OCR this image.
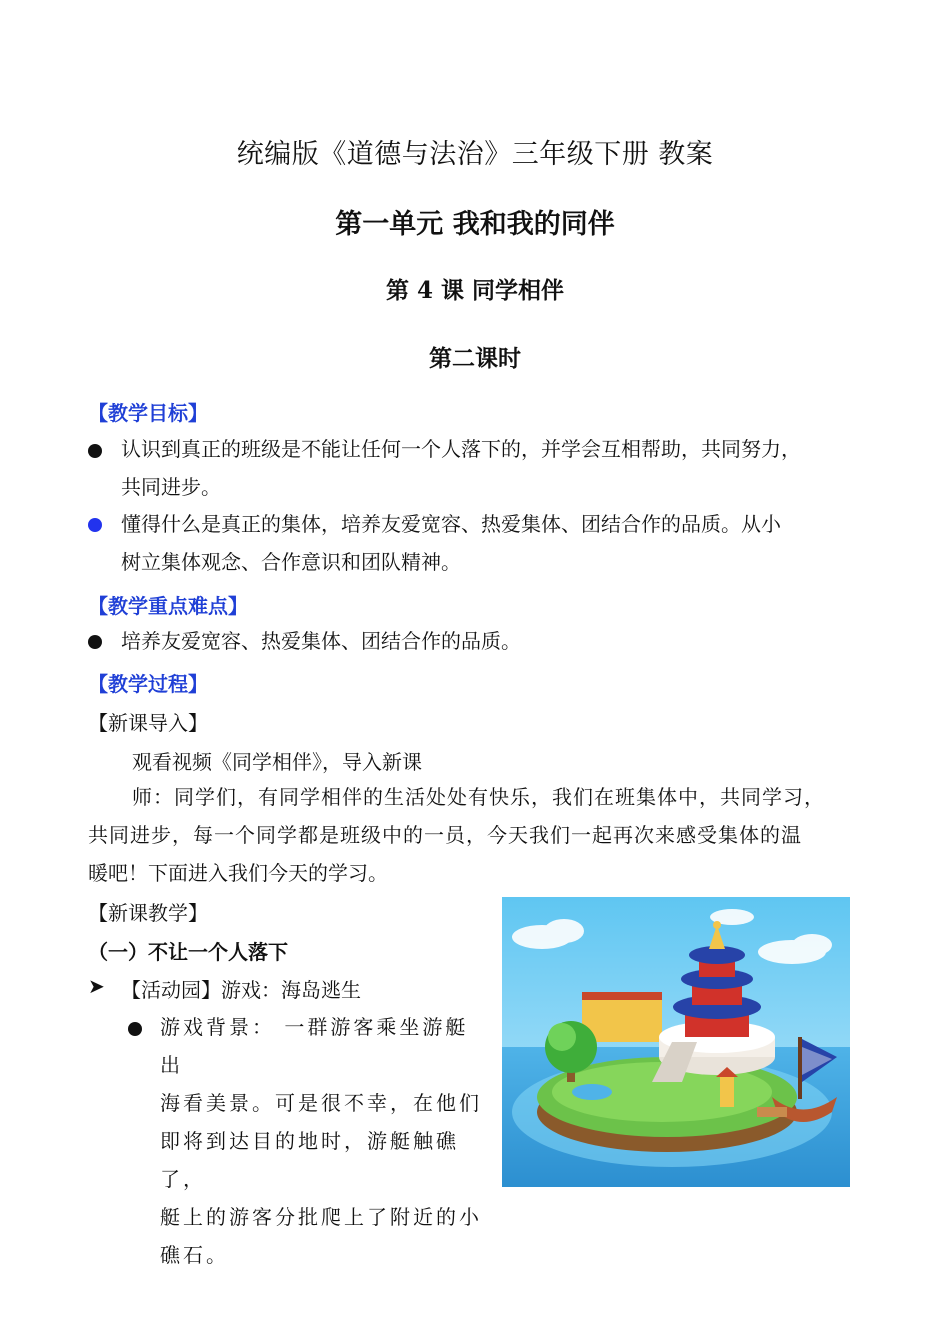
统编版《道德与法治》三年级下册 教案
第一单元 我和我的同伴
第 4 课 同学相伴
第二课时
【教学目标】
认识到真正的班级是不能让任何一个人落下的，并学会互相帮助，共同努力，
共同进步。
懂得什么是真正的集体，培养友爱宽容、热爱集体、团结合作的品质。从小
树立集体观念、合作意识和团队精神。
【教学重点难点】
培养友爱宽容、热爱集体、团结合作的品质。
【教学过程】
【新课导入】
观看视频《同学相伴》，导入新课
师：同学们，有同学相伴的生活处处有快乐，我们在班集体中，共同学习，
共同进步，每一个同学都是班级中的一员，今天我们一起再次来感受集体的温
暖吧！下面进入我们今天的学习。
【新课教学】
（一）不让一个人落下
➤ 【活动园】游戏：海岛逃生
游戏背景： 一群游客乘坐游艇出
海看美景。可是很不幸，在他们
即将到达目的地时，游艇触礁了，
艇上的游客分批爬上了附近的小
礁石。
